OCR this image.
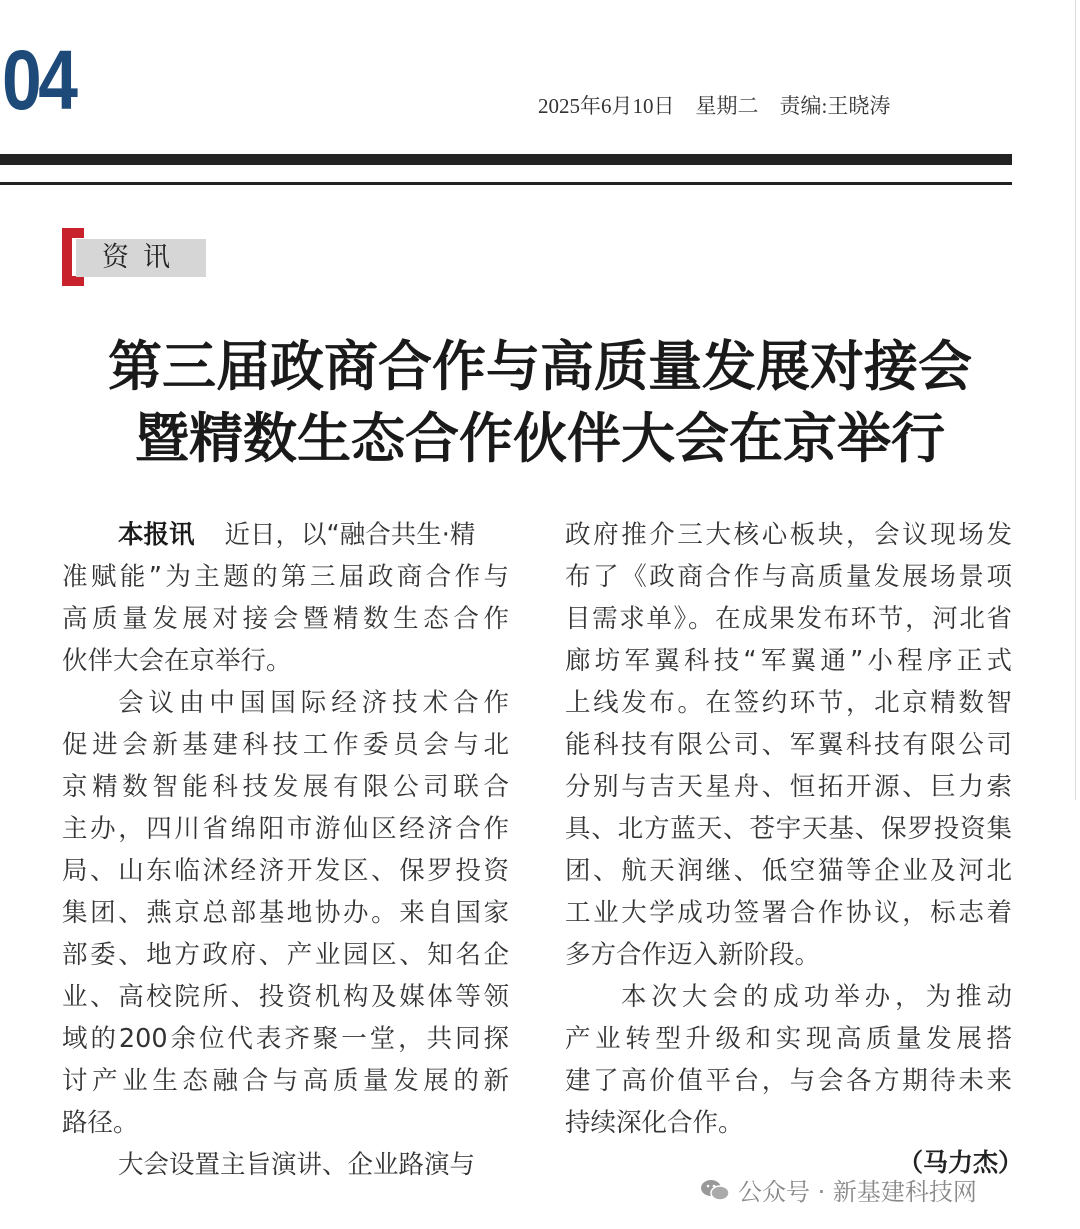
04	2025年6月10日　星期二　责编:王晓涛
资讯
第三届政商合作与高质量发展对接会
暨精数生态合作伙伴大会在京举行
本报讯 近日，以“融合共生·精
准赋能”为主题的第三届政商合作与
高质量发展对接会暨精数生态合作
伙伴大会在京举行。
会议由中国国际经济技术合作
促进会新基建科技工作委员会与北
京精数智能科技发展有限公司联合
主办，四川省绵阳市游仙区经济合作
局、山东临沭经济开发区、保罗投资
集团、燕京总部基地协办。来自国家
部委、地方政府、产业园区、知名企
业、高校院所、投资机构及媒体等领
域的200余位代表齐聚一堂，共同探
讨产业生态融合与高质量发展的新
路径。
大会设置主旨演讲、企业路演与
政府推介三大核心板块，会议现场发
布了《政商合作与高质量发展场景项
目需求单》。在成果发布环节，河北省
廊坊军翼科技“军翼通”小程序正式
上线发布。在签约环节，北京精数智
能科技有限公司、军翼科技有限公司
分别与吉天星舟、恒拓开源、巨力索
具、北方蓝天、苍宇天基、保罗投资集
团、航天润继、低空猫等企业及河北
工业大学成功签署合作协议，标志着
多方合作迈入新阶段。
本次大会的成功举办，为推动
产业转型升级和实现高质量发展搭
建了高价值平台，与会各方期待未来
持续深化合作。
（马力杰）
公众号 · 新基建科技网
